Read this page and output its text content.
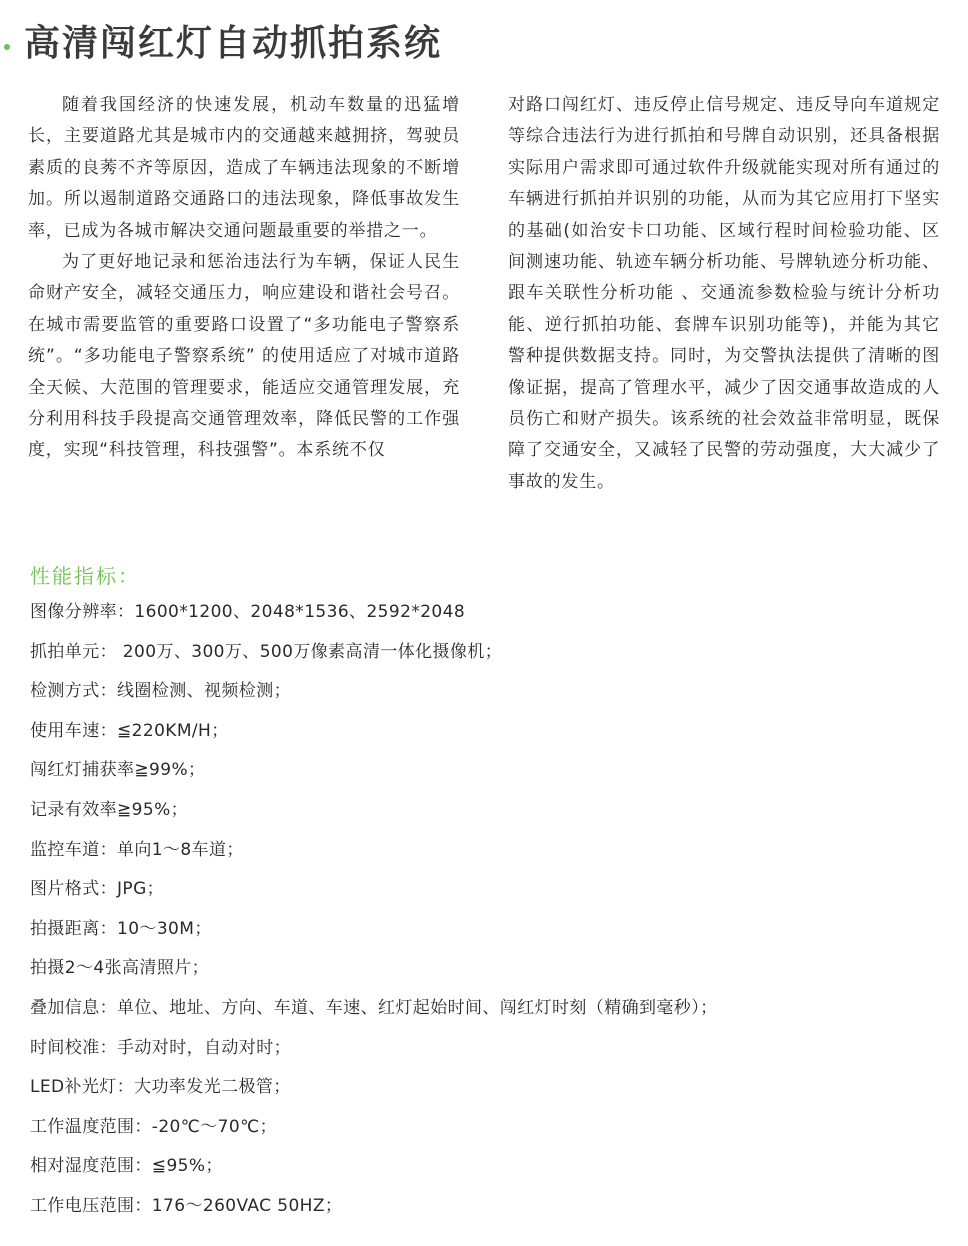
高清闯红灯自动抓拍系统

随着我国经济的快速发展，机动车数量的迅猛增长，主要道路尤其是城市内的交通越来越拥挤，驾驶员素质的良莠不齐等原因，造成了车辆违法现象的不断增加。所以遏制道路交通路口的违法现象，降低事故发生率，已成为各城市解决交通问题最重要的举措之一。

为了更好地记录和惩治违法行为车辆，保证人民生命财产安全，减轻交通压力，响应建设和谐社会号召。在城市需要监管的重要路口设置了“多功能电子警察系统”。“多功能电子警察系统” 的使用适应了对城市道路全天候、大范围的管理要求，能适应交通管理发展，充分利用科技手段提高交通管理效率，降低民警的工作强度，实现“科技管理，科技强警”。本系统不仅

对路口闯红灯、违反停止信号规定、违反导向车道规定等综合违法行为进行抓拍和号牌自动识别，还具备根据实际用户需求即可通过软件升级就能实现对所有通过的车辆进行抓拍并识别的功能，从而为其它应用打下坚实的基础(如治安卡口功能、区域行程时间检验功能、区间测速功能、轨迹车辆分析功能、号牌轨迹分析功能、跟车关联性分析功能 、交通流参数检验与统计分析功能、逆行抓拍功能、套牌车识别功能等)，并能为其它警种提供数据支持。同时，为交警执法提供了清晰的图像证据，提高了管理水平，减少了因交通事故造成的人员伤亡和财产损失。该系统的社会效益非常明显，既保障了交通安全，又减轻了民警的劳动强度，大大减少了事故的发生。

性能指标：
图像分辨率：1600*1200、2048*1536、2592*2048
抓拍单元： 200万、300万、500万像素高清一体化摄像机；
检测方式：线圈检测、视频检测；
使用车速：≦220KM/H；
闯红灯捕获率≧99%；
记录有效率≧95%；
监控车道：单向1～8车道；
图片格式：JPG；
拍摄距离：10～30M；
拍摄2～4张高清照片；
叠加信息：单位、地址、方向、车道、车速、红灯起始时间、闯红灯时刻（精确到毫秒）；
时间校准：手动对时，自动对时；
LED补光灯：大功率发光二极管；
工作温度范围：-20℃～70℃；
相对湿度范围：≦95%；
工作电压范围：176～260VAC 50HZ；
